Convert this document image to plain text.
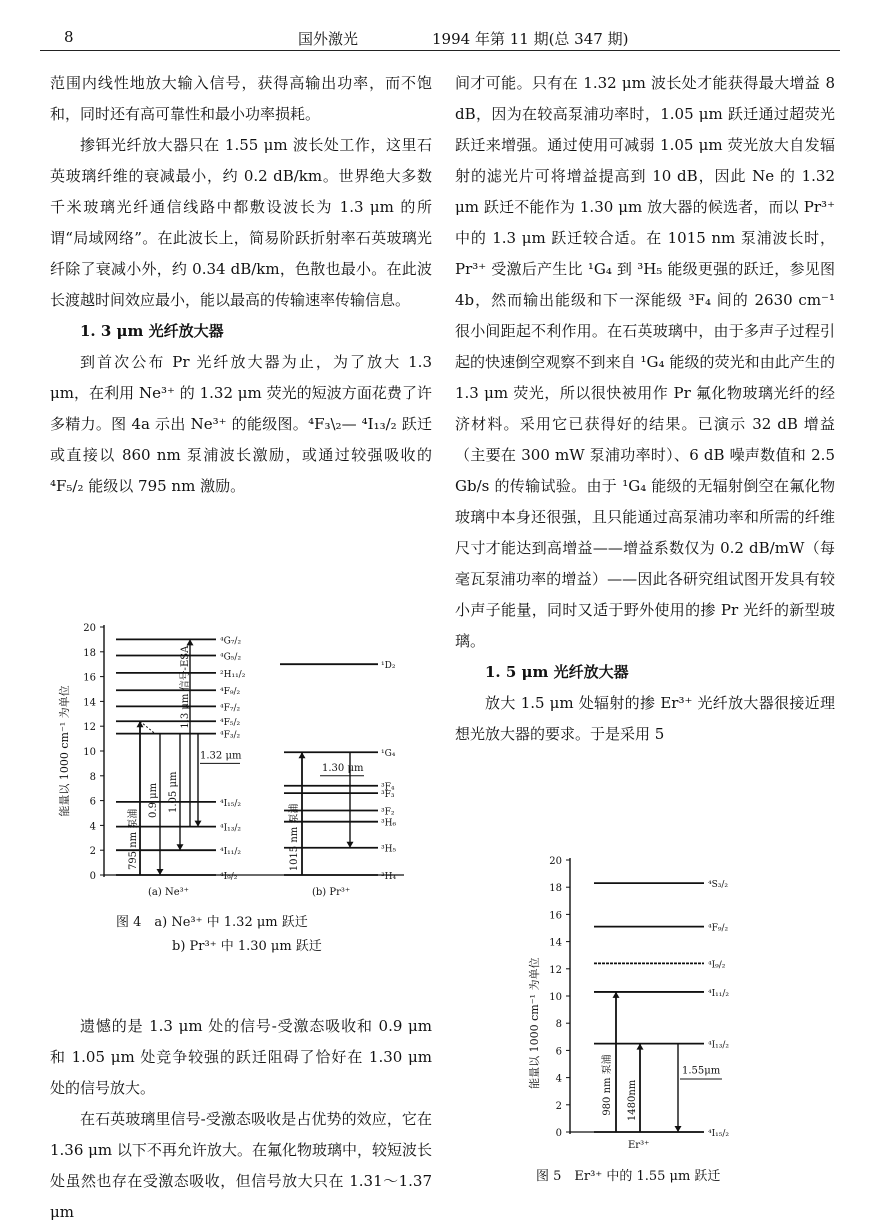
8	国外激光	1994 年第 11 期(总 347 期)

范围内线性地放大输入信号，获得高输出功率，而不饱和，同时还有高可靠性和最小功率损耗。

掺铒光纤放大器只在 1.55 μm 波长处工作，这里石英玻璃纤维的衰减最小，约 0.2 dB/km。世界绝大多数千米玻璃光纤通信线路中都敷设波长为 1.3 μm 的所谓“局域网络”。在此波长上，简易阶跃折射率石英玻璃光纤除了衰减小外，约 0.34 dB/km，色散也最小。在此波长渡越时间效应最小，能以最高的传输速率传输信息。

1. 3 μm 光纤放大器

到首次公布 Pr 光纤放大器为止，为了放大 1.3 μm，在利用 Ne³⁺ 的 1.32 μm 荧光的短波方面花费了许多精力。图 4a 示出 Ne³⁺ 的能级图。⁴F₃\₂— ⁴I₁₃/₂ 跃迁或直接以 860 nm 泵浦波长激励，或通过较强吸收的 ⁴F₅/₂ 能级以 795 nm 激励。

遗憾的是 1.3 μm 处的信号-受激态吸收和 0.9 μm 和 1.05 μm 处竞争较强的跃迁阻碍了恰好在 1.30 μm 处的信号放大。

在石英玻璃里信号-受激态吸收是占优势的效应，它在 1.36 μm 以下不再允许放大。在氟化物玻璃中，较短波长处虽然也存在受激态吸收，但信号放大只在 1.31～1.37 μm

间才可能。只有在 1.32 μm 波长处才能获得最大增益 8 dB，因为在较高泵浦功率时，1.05 μm 跃迁通过超荧光跃迁来增强。通过使用可减弱 1.05 μm 荧光放大自发辐射的滤光片可将增益提高到 10 dB，因此 Ne 的 1.32 μm 跃迁不能作为 1.30 μm 放大器的候选者，而以 Pr³⁺ 中的 1.3 μm 跃迁较合适。在 1015 nm 泵浦波长时，Pr³⁺ 受激后产生比 ¹G₄ 到 ³H₅ 能级更强的跃迁，参见图 4b，然而输出能级和下一深能级 ³F₄ 间的 2630 cm⁻¹ 很小间距起不利作用。在石英玻璃中，由于多声子过程引起的快速倒空观察不到来自 ¹G₄ 能级的荧光和由此产生的 1.3 μm 荧光，所以很快被用作 Pr 氟化物玻璃光纤的经济材料。采用它已获得好的结果。已演示 32 dB 增益（主要在 300 mW 泵浦功率时）、6 dB 噪声数值和 2.5 Gb/s 的传输试验。由于 ¹G₄ 能级的无辐射倒空在氟化物玻璃中本身还很强，且只能通过高泵浦功率和所需的纤维尺寸才能达到高增益——增益系数仅为 0.2 dB/mW（每毫瓦泵浦功率的增益）——因此各研究组试图开发具有较小声子能量，同时又适于野外使用的掺 Pr 光纤的新型玻璃。

1. 5 μm 光纤放大器

放大 1.5 μm 处辐射的掺 Er³⁺ 光纤放大器很接近理想光放大器的要求。于是采用 5

0
2
4
6
8
10
12
14
16
18
20
能量以 1000 cm⁻¹ 为单位
⁴G₇/₂
⁴G₅/₂
²H₁₁/₂
⁴F₉/₂
⁴F₇/₂
⁴F₅/₂
⁴F₃/₂
⁴I₁₅/₂
⁴I₁₃/₂
⁴I₁₁/₂
⁴I₉/₂
795 nm 泵浦
0.9 μm 1.05 μm
1.3 μm 信号-ESA
1.32 μm
¹D₂
¹G₄
³F₄
³F₃
³F₂
³H₆
³H₅
³H₄
1015 nm 泵浦
1.30 μm
(a) Ne³⁺	(b) Pr³⁺
图 4　a) Ne³⁺ 中 1.32 μm 跃迁
b) Pr³⁺ 中 1.30 μm 跃迁
0
2
4
6
8
10
12
14
16
18
20
能量以 1000 cm⁻¹ 为单位
⁴S₃/₂
⁴F₉/₂
⁴I₉/₂
⁴I₁₁/₂
⁴I₁₃/₂
⁴I₁₅/₂
980 nm 泵浦 1480nm
1.55μm
Er³⁺
图 5　Er³⁺ 中的 1.55 μm 跃迁
